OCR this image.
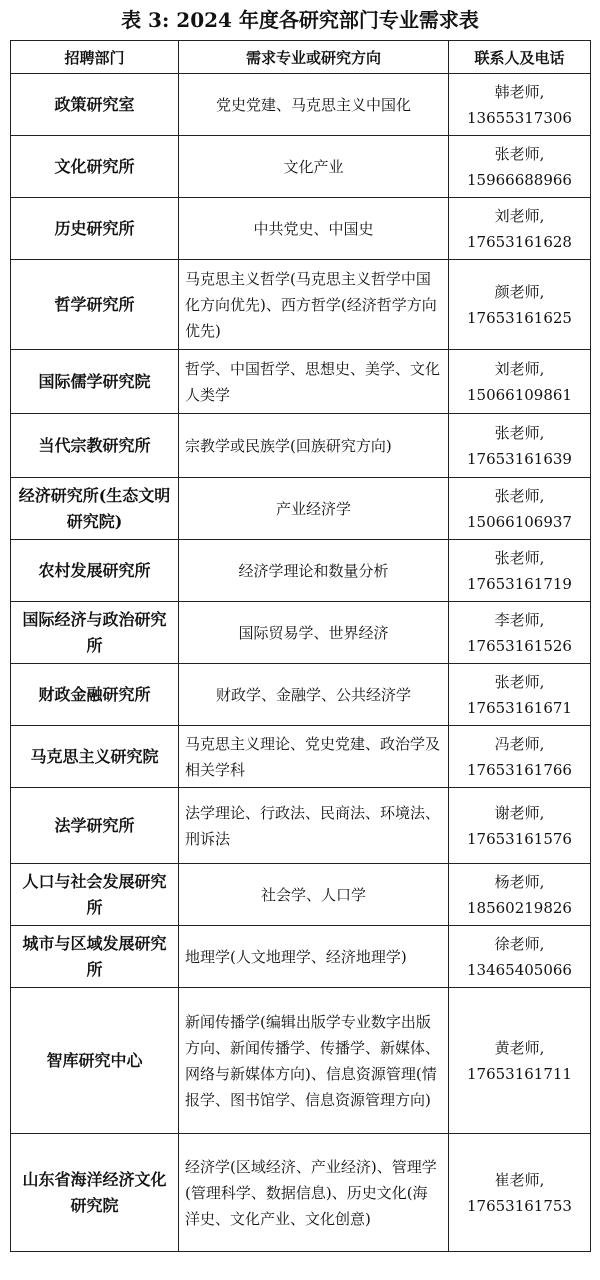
表 3: 2024 年度各研究部门专业需求表
招聘部门	需求专业或研究方向	联系人及电话
政策研究室	党史党建、马克思主义中国化	韩老师,
13655317306

文化研究所	文化产业	张老师,
15966688966

历史研究所	中共党史、中国史	刘老师,
17653161628

哲学研究所	马克思主义哲学(马克思主义哲学中国化方向优先)、西方哲学(经济哲学方向优先)	颜老师,
17653161625

国际儒学研究院	哲学、中国哲学、思想史、美学、文化人类学	刘老师,
15066109861

当代宗教研究所	宗教学或民族学(回族研究方向)	张老师,
17653161639

经济研究所(生态文明研究院)	产业经济学	张老师,
15066106937

农村发展研究所	经济学理论和数量分析	张老师,
17653161719

国际经济与政治研究所	国际贸易学、世界经济	李老师,
17653161526

财政金融研究所	财政学、金融学、公共经济学	张老师,
17653161671

马克思主义研究院	马克思主义理论、党史党建、政治学及相关学科	冯老师,
17653161766

法学研究所	法学理论、行政法、民商法、环境法、刑诉法	谢老师,
17653161576

人口与社会发展研究所	社会学、人口学	杨老师,
18560219826

城市与区域发展研究所	地理学(人文地理学、经济地理学)	徐老师,
13465405066

智库研究中心	新闻传播学(编辑出版学专业数字出版方向、新闻传播学、传播学、新媒体、网络与新媒体方向)、信息资源管理(情报学、图书馆学、信息资源管理方向)	黄老师,
17653161711

山东省海洋经济文化研究院	经济学(区域经济、产业经济)、管理学(管理科学、数据信息)、历史文化(海洋史、文化产业、文化创意)	崔老师,
17653161753
